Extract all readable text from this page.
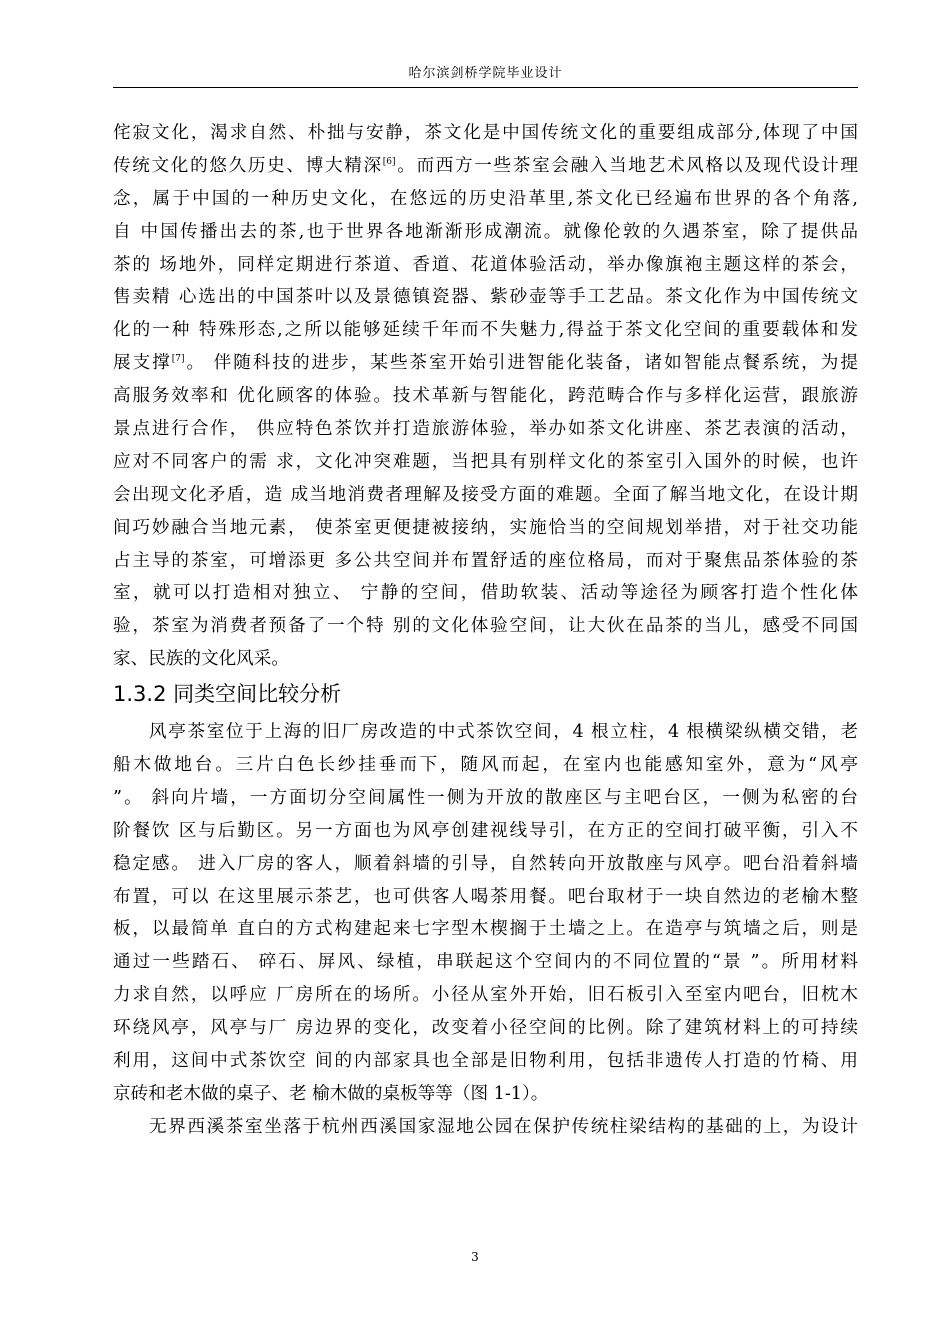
哈尔滨剑桥学院毕业设计
侘寂文化，渴求自然、朴拙与安静，茶文化是中国传统文化的重要组成部分,体现了中国
传统文化的悠久历史、博大精深[6]。而西方一些茶室会融入当地艺术风格以及现代设计理
念，属于中国的一种历史文化，在悠远的历史沿革里,茶文化已经遍布世界的各个角落,
自 中国传播出去的茶,也于世界各地渐渐形成潮流。就像伦敦的久遇茶室，除了提供品
茶的 场地外，同样定期进行茶道、香道、花道体验活动，举办像旗袍主题这样的茶会，
售卖精 心选出的中国茶叶以及景德镇瓷器、紫砂壶等手工艺品。茶文化作为中国传统文
化的一种 特殊形态,之所以能够延续千年而不失魅力,得益于茶文化空间的重要载体和发
展支撑[7]。 伴随科技的进步，某些茶室开始引进智能化装备，诸如智能点餐系统，为提
高服务效率和 优化顾客的体验。技术革新与智能化，跨范畴合作与多样化运营，跟旅游
景点进行合作， 供应特色茶饮并打造旅游体验，举办如茶文化讲座、茶艺表演的活动，
应对不同客户的需 求，文化冲突难题，当把具有别样文化的茶室引入国外的时候，也许
会出现文化矛盾，造 成当地消费者理解及接受方面的难题。全面了解当地文化，在设计期
间巧妙融合当地元素， 使茶室更便捷被接纳，实施恰当的空间规划举措，对于社交功能
占主导的茶室，可增添更 多公共空间并布置舒适的座位格局，而对于聚焦品茶体验的茶
室，就可以打造相对独立、 宁静的空间，借助软装、活动等途径为顾客打造个性化体
验，茶室为消费者预备了一个特 别的文化体验空间，让大伙在品茶的当儿，感受不同国
家、民族的文化风采。
1.3.2 同类空间比较分析
风亭茶室位于上海的旧厂房改造的中式茶饮空间，4 根立柱，4 根横梁纵横交错，老
船木做地台。三片白色长纱挂垂而下，随风而起，在室内也能感知室外，意为“风亭
”。 斜向片墙，一方面切分空间属性一侧为开放的散座区与主吧台区，一侧为私密的台
阶餐饮 区与后勤区。另一方面也为风亭创建视线导引，在方正的空间打破平衡，引入不
稳定感。 进入厂房的客人，顺着斜墙的引导，自然转向开放散座与风亭。吧台沿着斜墙
布置，可以 在这里展示茶艺，也可供客人喝茶用餐。吧台取材于一块自然边的老榆木整
板，以最简单 直白的方式构建起来七字型木楔搁于土墙之上。在造亭与筑墙之后，则是
通过一些踏石、 碎石、屏风、绿植，串联起这个空间内的不同位置的“景 ”。所用材料
力求自然，以呼应 厂房所在的场所。小径从室外开始，旧石板引入至室内吧台，旧枕木
环绕风亭，风亭与厂 房边界的变化，改变着小径空间的比例。除了建筑材料上的可持续
利用，这间中式茶饮空 间的内部家具也全部是旧物利用，包括非遗传人打造的竹椅、用
京砖和老木做的桌子、老 榆木做的桌板等等（图 1-1）。
无界西溪茶室坐落于杭州西溪国家湿地公园在保护传统柱梁结构的基础的上，为设计
3
